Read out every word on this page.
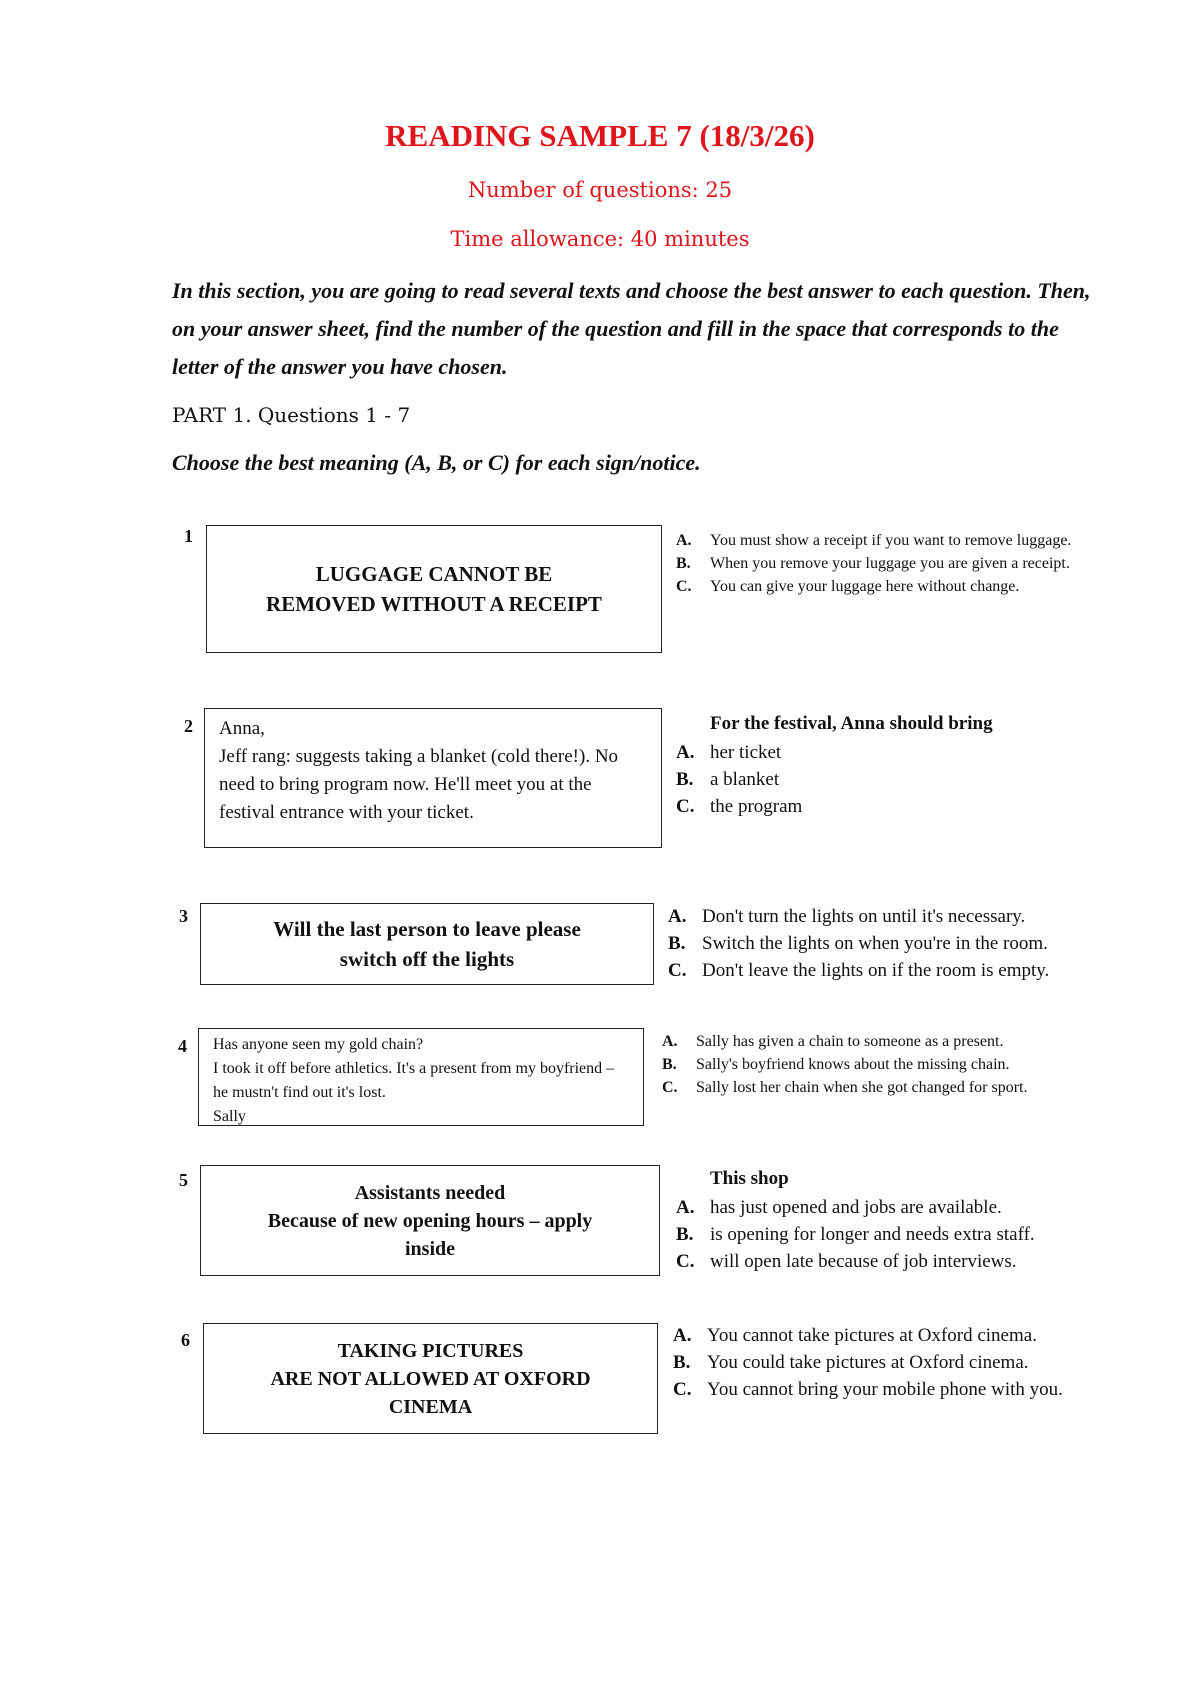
READING SAMPLE 7 (18/3/26)
Number of questions: 25
Time allowance: 40 minutes
In this section, you are going to read several texts and choose the best answer to each question. Then, on your answer sheet, find the number of the question and fill in the space that corresponds to the letter of the answer you have chosen.
PART 1. Questions 1 - 7
Choose the best meaning (A, B, or C) for each sign/notice.
1
LUGGAGE CANNOT BE
REMOVED WITHOUT A RECEIPT
A.	You must show a receipt if you want to remove luggage.
B.	When you remove your luggage you are given a receipt.
C.	You can give your luggage here without change.
2 Anna,
Jeff rang: suggests taking a blanket (cold there!). No need to bring program now. He'll meet you at the festival entrance with your ticket.
For the festival, Anna should bring
A. her ticket
B. a blanket
C. the program
3
Will the last person to leave please
switch off the lights
A. Don't turn the lights on until it's necessary.
B. Switch the lights on when you're in the room.
C. Don't leave the lights on if the room is empty.
4 Has anyone seen my gold chain?
I took it off before athletics. It's a present from my boyfriend – he mustn't find out it's lost.
Sally
A.	Sally has given a chain to someone as a present.
B.	Sally's boyfriend knows about the missing chain.
C.	Sally lost her chain when she got changed for sport.
5
Assistants needed
Because of new opening hours – apply
inside
This shop
A. has just opened and jobs are available.
B. is opening for longer and needs extra staff.
C. will open late because of job interviews.
6	TAKING PICTURES
ARE NOT ALLOWED AT OXFORD
CINEMA
A. You cannot take pictures at Oxford cinema.
B. You could take pictures at Oxford cinema.
C. You cannot bring your mobile phone with you.
